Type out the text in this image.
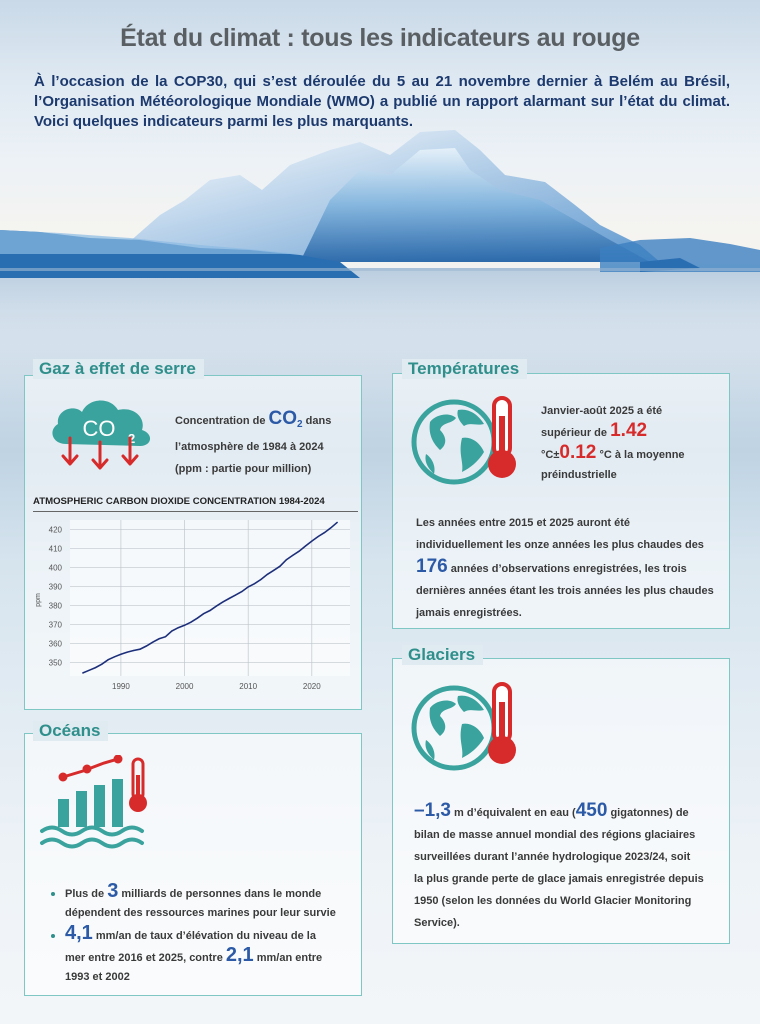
État du climat : tous les indicateurs au rouge

À l’occasion de la COP30, qui s’est déroulée du 5 au 21 novembre dernier à Belém au Brésil, l’Organisation Météorologique Mondiale (WMO) a publié un rapport alarmant sur l’état du climat. Voici quelques indicateurs parmi les plus marquants.

Gaz à effet de serre
CO 2
Concentration de $CO_2$ dans
l’atmosphère de 1984 à 2024
(ppm : partie pour million)
ATMOSPHERIC CARBON DIOXIDE CONCENTRATION 1984-2024
350
360
370
380
390
400
410
420
1990	2000	2010	2020
ppm
Océans
Plus de 3 milliards de personnes dans le monde
dépendent des ressources marines pour leur survie
4,1 mm/an de taux d’élévation du niveau de la
mer entre 2016 et 2025, contre 2,1 mm/an entre
1993 et 2002
Températures
Janvier-août 2025 a été
supérieur de 1.42
°C±0.12 °C à la moyenne
préindustrielle
Les années entre 2015 et 2025 auront été
individuellement les onze années les plus chaudes des
176 années d’observations enregistrées, les trois
dernières années étant les trois années les plus chaudes
jamais enregistrées.
Glaciers
–1,3 m d’équivalent en eau (450 gigatonnes) de
bilan de masse annuel mondial des régions glaciaires
surveillées durant l’année hydrologique 2023/24, soit
la plus grande perte de glace jamais enregistrée depuis
1950 (selon les données du World Glacier Monitoring
Service).
